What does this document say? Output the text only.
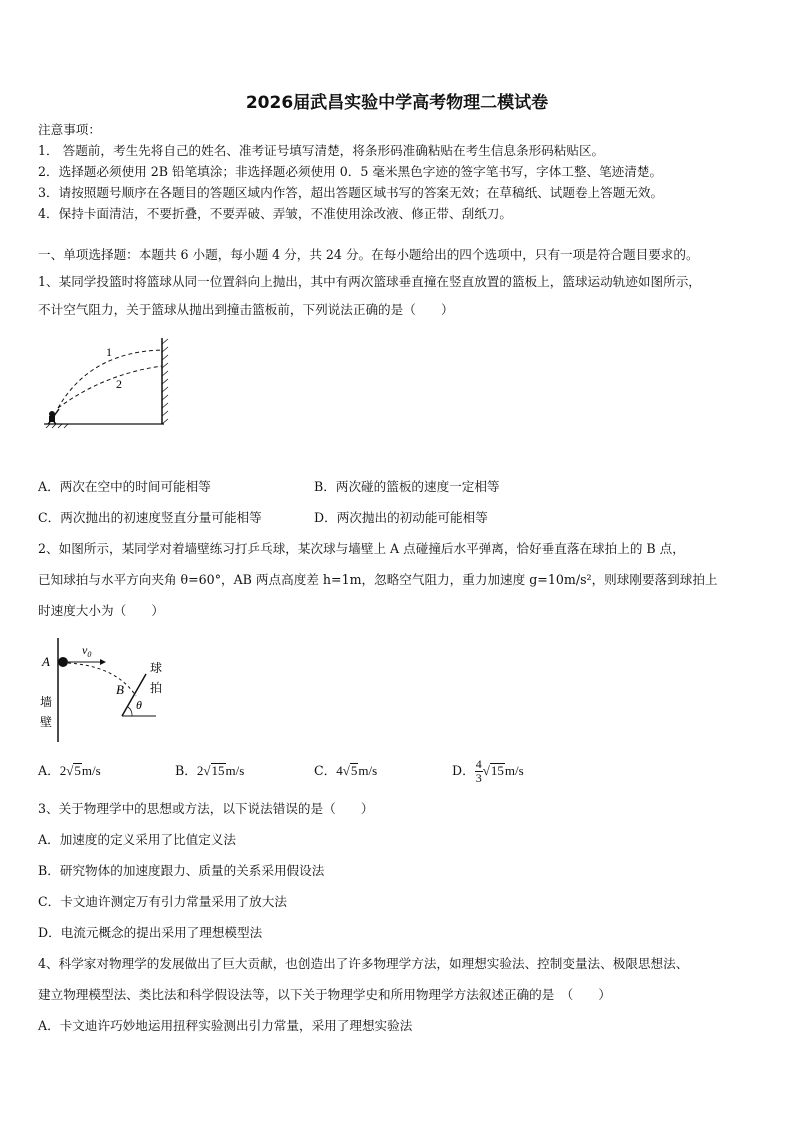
2026届武昌实验中学高考物理二模试卷
注意事项：
1． 答题前，考生先将自己的姓名、准考证号填写清楚，将条形码准确粘贴在考生信息条形码粘贴区。
2．选择题必须使用 2B 铅笔填涂；非选择题必须使用 0．5 毫米黑色字迹的签字笔书写，字体工整、笔迹清楚。
3．请按照题号顺序在各题目的答题区域内作答，超出答题区域书写的答案无效；在草稿纸、试题卷上答题无效。
4．保持卡面清洁，不要折叠，不要弄破、弄皱，不准使用涂改液、修正带、刮纸刀。
一、单项选择题：本题共 6 小题，每小题 4 分，共 24 分。在每小题给出的四个选项中，只有一项是符合题目要求的。
1、某同学投篮时将篮球从同一位置斜向上抛出，其中有两次篮球垂直撞在竖直放置的篮板上，篮球运动轨迹如图所示，
不计空气阻力，关于篮球从抛出到撞击篮板前，下列说法正确的是（　　）
1
2
A．两次在空中的时间可能相等	B．两次碰的篮板的速度一定相等
C．两次抛出的初速度竖直分量可能相等	D．两次抛出的初动能可能相等
2、如图所示，某同学对着墙壁练习打乒乓球，某次球与墙壁上 A 点碰撞后水平弹离，恰好垂直落在球拍上的 B 点，
已知球拍与水平方向夹角 θ=60°，AB 两点高度差 h=1m，忽略空气阻力，重力加速度 g=10m/s²，则球刚要落到球拍上
时速度大小为（　　）
A
$v_0$
B
θ
墙
壁
球
拍
A．2√5m/s	B．2√15m/s	C．4√5m/s	D． $\frac{4}{3} √15m/s$
3、关于物理学中的思想或方法，以下说法错误的是（　　）
A．加速度的定义采用了比值定义法
B．研究物体的加速度跟力、质量的关系采用假设法
C．卡文迪许测定万有引力常量采用了放大法
D．电流元概念的提出采用了理想模型法
4、科学家对物理学的发展做出了巨大贡献，也创造出了许多物理学方法，如理想实验法、控制变量法、极限思想法、
建立物理模型法、类比法和科学假设法等，以下关于物理学史和所用物理学方法叙述正确的是　（　　）
A．卡文迪许巧妙地运用扭秤实验测出引力常量，采用了理想实验法
